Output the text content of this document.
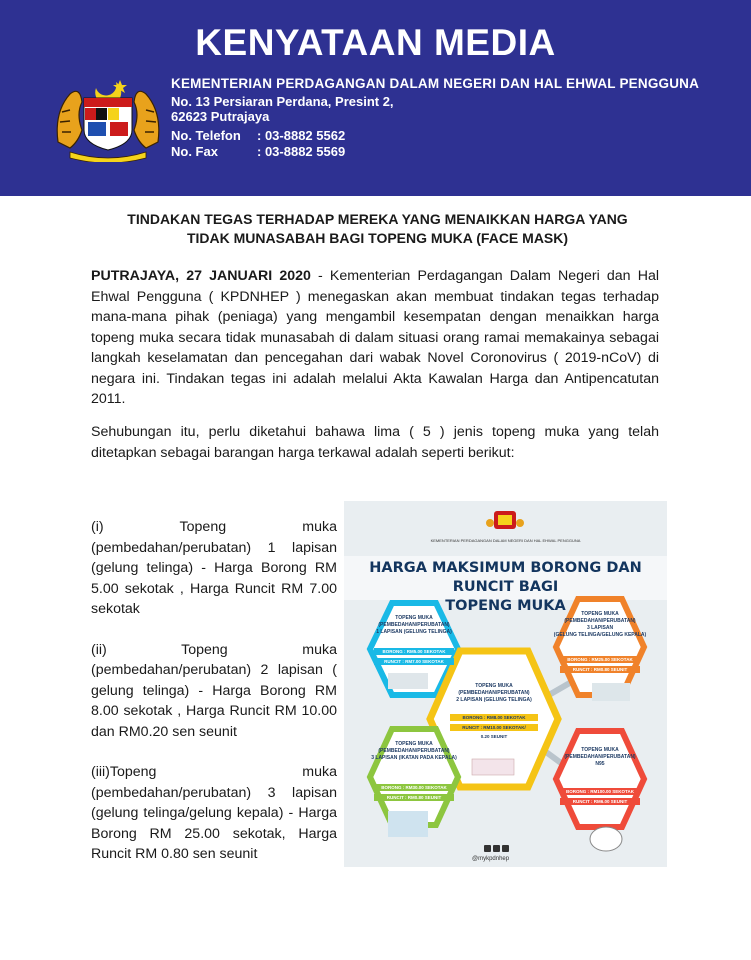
KENYATAAN MEDIA
KEMENTERIAN PERDAGANGAN DALAM NEGERI DAN HAL EHWAL PENGGUNA
No. 13 Persiaran Perdana, Presint 2,
62623 Putrajaya
No. Telefon : 03-8882 5562
No. Fax	: 03-8882 5569
TINDAKAN TEGAS TERHADAP MEREKA YANG MENAIKKAN HARGA YANG
TIDAK MUNASABAH BAGI TOPENG MUKA (FACE MASK)
PUTRAJAYA, 27 JANUARI 2020 - Kementerian Perdagangan Dalam Negeri dan Hal Ehwal Pengguna ( KPDNHEP ) menegaskan akan membuat tindakan tegas terhadap mana-mana pihak (peniaga) yang mengambil kesempatan dengan menaikkan harga topeng muka secara tidak munasabah di dalam situasi orang ramai memakainya sebagai langkah keselamatan dan pencegahan dari wabak Novel Coronovirus ( 2019-nCoV) di negara ini. Tindakan tegas ini adalah melalui Akta Kawalan Harga dan Antipencatutan 2011.
Sehubungan itu, perlu diketahui bahawa lima ( 5 ) jenis topeng muka yang telah ditetapkan sebagai barangan harga terkawal adalah seperti berikut:
(i) Topeng muka (pembedahan/perubatan) 1 lapisan (gelung telinga) - Harga Borong RM 5.00 sekotak , Harga Runcit RM 7.00 sekotak
(ii) Topeng muka (pembedahan/perubatan) 2 lapisan ( gelung telinga) - Harga Borong RM 8.00 sekotak , Harga Runcit RM 10.00 dan RM0.20 sen seunit
(iii)Topeng muka (pembedahan/perubatan) 3 lapisan (gelung telinga/gelung kepala) - Harga Borong RM 25.00 sekotak, Harga Runcit RM 0.80 sen seunit
TOPENG MUKA
(PEMBEDAHAN/PERUBATAN)
1 LAPISAN (GELUNG TELINGA)
BORONG : RM5.00 SEKOTAK
RUNCIT : RM7.00 SEKOTAK
TOPENG MUKA
(PEMBEDAHAN/PERUBATAN)
2 LAPISAN (GELUNG TELINGA)
BORONG : RM8.00 SEKOTAK
RUNCIT : RM10.00 SEKOTAK/
0.20 SEUNIT
TOPENG MUKA
(PEMBEDAHAN/PERUBATAN)
3 LAPISAN
(GELUNG TELINGA/GELUNG KEPALA)
BORONG : RM25.00 SEKOTAK
RUNCIT : RM0.80 SEUNIT
TOPENG MUKA
(PEMBEDAHAN/PERUBATAN)
3 LAPISAN (IKATAN PADA KEPALA)
BORONG : RM30.00 SEKOTAK
RUNCIT : RM0.80 SEUNIT
TOPENG MUKA
(PEMBEDAHAN/PERUBATAN)
N95
BORONG : RM100.00 SEKOTAK
RUNCIT : RM6.00 SEUNIT
KEMENTERIAN PERDAGANGAN DALAM NEGERI DAN HAL EHWAL PENGGUNA
HARGA MAKSIMUM BORONG DAN RUNCIT BAGI
TOPENG MUKA
@mykpdnhep
